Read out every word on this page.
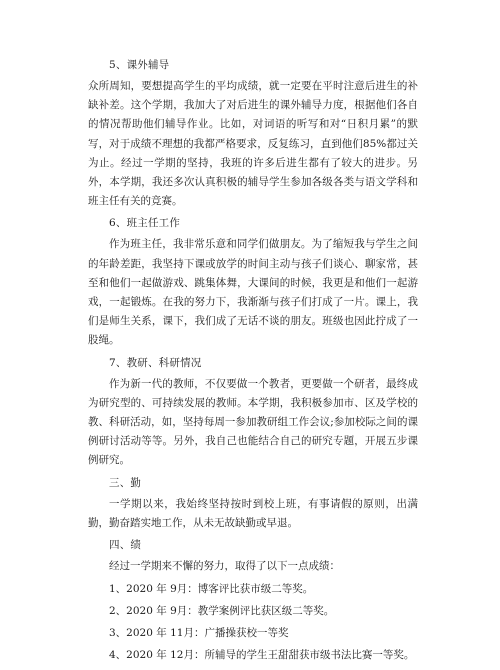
5、课外辅导
众所周知，要想提高学生的平均成绩，就一定要在平时注意后进生的补缺补差。这个学期，我加大了对后进生的课外辅导力度，根据他们各自的情况帮助他们辅导作业。比如，对词语的听写和对“日积月累”的默写，对于成绩不理想的我都严格要求，反复练习，直到他们85%都过关为止。经过一学期的坚持，我班的许多后进生都有了较大的进步。另外，本学期，我还多次认真积极的辅导学生参加各级各类与语文学科和班主任有关的竞赛。
6、班主任工作
作为班主任，我非常乐意和同学们做朋友。为了缩短我与学生之间的年龄差距，我坚持下课或放学的时间主动与孩子们谈心、聊家常，甚至和他们一起做游戏、跳集体舞，大课间的时候，我更是和他们一起游戏，一起锻炼。在我的努力下，我渐渐与孩子们打成了一片。课上，我们是师生关系，课下，我们成了无话不谈的朋友。班级也因此拧成了一股绳。
7、教研、科研情况
作为新一代的教师，不仅要做一个教者，更要做一个研者，最终成为研究型的、可持续发展的教师。本学期，我积极参加市、区及学校的教、科研活动，如，坚持每周一参加教研组工作会议;参加校际之间的课例研讨活动等等。另外，我自己也能结合自己的研究专题，开展五步课例研究。
三、勤
一学期以来，我始终坚持按时到校上班，有事请假的原则，出满勤，勤奋踏实地工作，从未无故缺勤或早退。
四、绩
经过一学期来不懈的努力，取得了以下一点成绩：
1、2020 年 9月：博客评比获市级二等奖。
2、2020 年 9月：教学案例评比获区级二等奖。
3、2020 年 11月：广播操获校一等奖
4、2020 年 12月：所辅导的学生王甜甜获市级书法比赛一等奖。
